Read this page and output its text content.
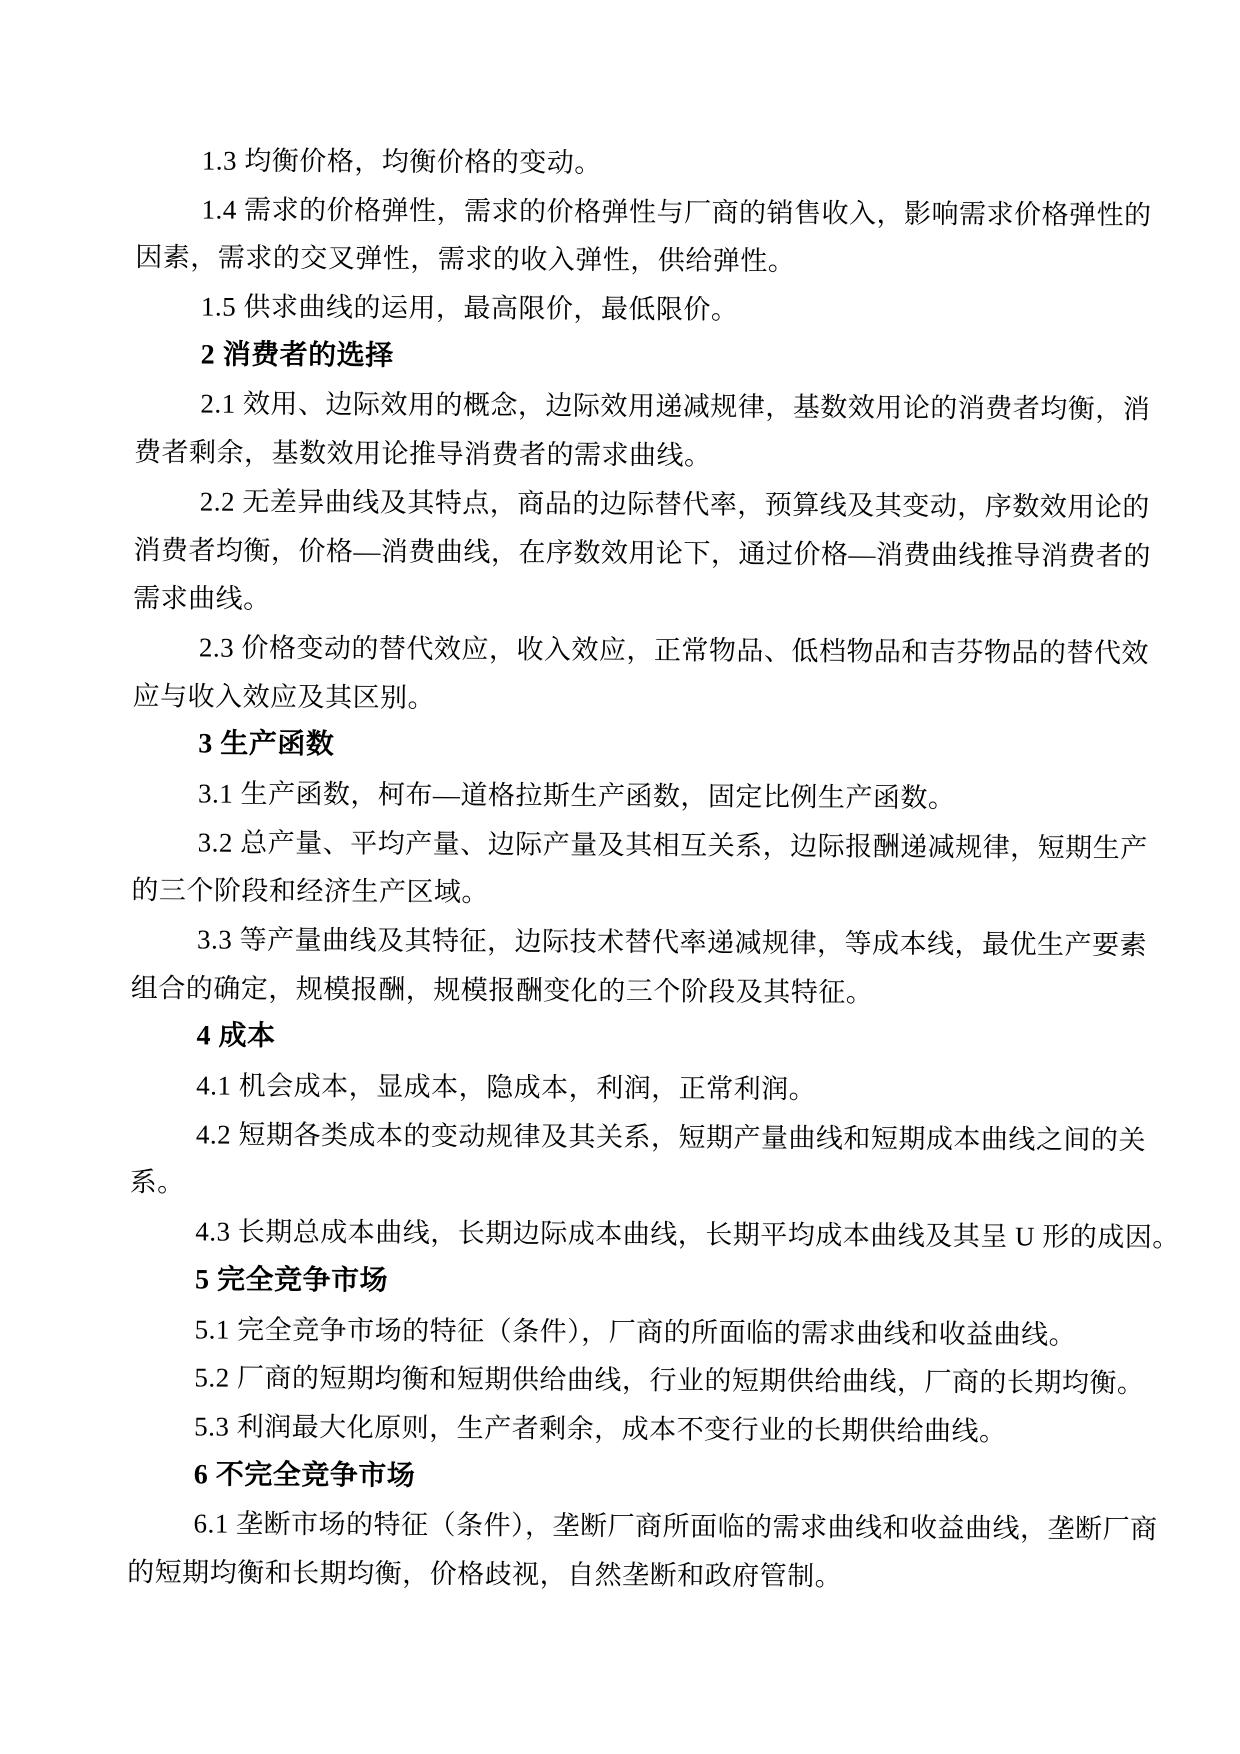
1.3 均衡价格，均衡价格的变动。
1.4 需求的价格弹性，需求的价格弹性与厂商的销售收入，影响需求价格弹性的
因素，需求的交叉弹性，需求的收入弹性，供给弹性。
1.5 供求曲线的运用，最高限价，最低限价。
2 消费者的选择
2.1 效用、边际效用的概念，边际效用递减规律，基数效用论的消费者均衡，消
费者剩余，基数效用论推导消费者的需求曲线。
2.2 无差异曲线及其特点，商品的边际替代率，预算线及其变动，序数效用论的
消费者均衡，价格—消费曲线，在序数效用论下，通过价格—消费曲线推导消费者的
需求曲线。
2.3 价格变动的替代效应，收入效应，正常物品、低档物品和吉芬物品的替代效
应与收入效应及其区别。
3 生产函数
3.1 生产函数，柯布—道格拉斯生产函数，固定比例生产函数。
3.2 总产量、平均产量、边际产量及其相互关系，边际报酬递减规律，短期生产
的三个阶段和经济生产区域。
3.3 等产量曲线及其特征，边际技术替代率递减规律，等成本线，最优生产要素
组合的确定，规模报酬，规模报酬变化的三个阶段及其特征。
4 成本
4.1 机会成本，显成本，隐成本，利润，正常利润。
4.2 短期各类成本的变动规律及其关系，短期产量曲线和短期成本曲线之间的关
系。
4.3 长期总成本曲线，长期边际成本曲线，长期平均成本曲线及其呈 U 形的成因。
5 完全竞争市场
5.1 完全竞争市场的特征（条件），厂商的所面临的需求曲线和收益曲线。
5.2 厂商的短期均衡和短期供给曲线，行业的短期供给曲线，厂商的长期均衡。
5.3 利润最大化原则，生产者剩余，成本不变行业的长期供给曲线。
6 不完全竞争市场
6.1 垄断市场的特征（条件），垄断厂商所面临的需求曲线和收益曲线，垄断厂商
的短期均衡和长期均衡，价格歧视，自然垄断和政府管制。
